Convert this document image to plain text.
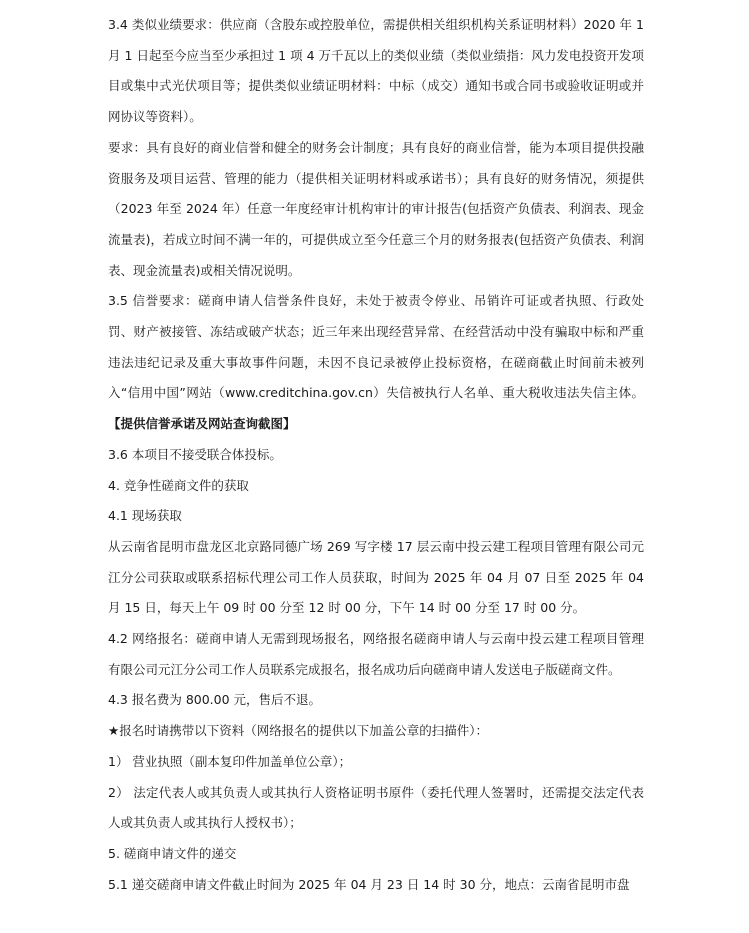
3.4 类似业绩要求：供应商（含股东或控股单位，需提供相关组织机构关系证明材料）2020 年 1 月 1 日起至今应当至少承担过 1 项 4 万千瓦以上的类似业绩（类似业绩指：风力发电投资开发项目或集中式光伏项目等；提供类似业绩证明材料：中标（成交）通知书或合同书或验收证明或并网协议等资料）。

要求：具有良好的商业信誉和健全的财务会计制度；具有良好的商业信誉，能为本项目提供投融资服务及项目运营、管理的能力（提供相关证明材料或承诺书）；具有良好的财务情况，须提供（2023 年至 2024 年）任意一年度经审计机构审计的审计报告(包括资产负债表、利润表、现金流量表)，若成立时间不满一年的，可提供成立至今任意三个月的财务报表(包括资产负债表、利润表、现金流量表)或相关情况说明。

3.5 信誉要求：磋商申请人信誉条件良好，未处于被责令停业、吊销许可证或者执照、行政处罚、财产被接管、冻结或破产状态；近三年来出现经营异常、在经营活动中没有骗取中标和严重违法违纪记录及重大事故事件问题，未因不良记录被停止投标资格，在磋商截止时间前未被列入“信用中国”网站（www.creditchina.gov.cn）失信被执行人名单、重大税收违法失信主体。【提供信誉承诺及网站查询截图】

3.6 本项目不接受联合体投标。

4. 竞争性磋商文件的获取

4.1 现场获取

从云南省昆明市盘龙区北京路同德广场 269 写字楼 17 层云南中投云建工程项目管理有限公司元江分公司获取或联系招标代理公司工作人员获取，时间为 2025 年 04 月 07 日至 2025 年 04 月 15 日，每天上午 09 时 00 分至 12 时 00 分，下午 14 时 00 分至 17 时 00 分。

4.2 网络报名：磋商申请人无需到现场报名，网络报名磋商申请人与云南中投云建工程项目管理有限公司元江分公司工作人员联系完成报名，报名成功后向磋商申请人发送电子版磋商文件。

4.3 报名费为 800.00 元，售后不退。

★报名时请携带以下资料（网络报名的提供以下加盖公章的扫描件）：

1） 营业执照（副本复印件加盖单位公章）；

2） 法定代表人或其负责人或其执行人资格证明书原件（委托代理人签署时，还需提交法定代表人或其负责人或其执行人授权书）；

5. 磋商申请文件的递交

5.1 递交磋商申请文件截止时间为 2025 年 04 月 23 日 14 时 30 分，地点：云南省昆明市盘
